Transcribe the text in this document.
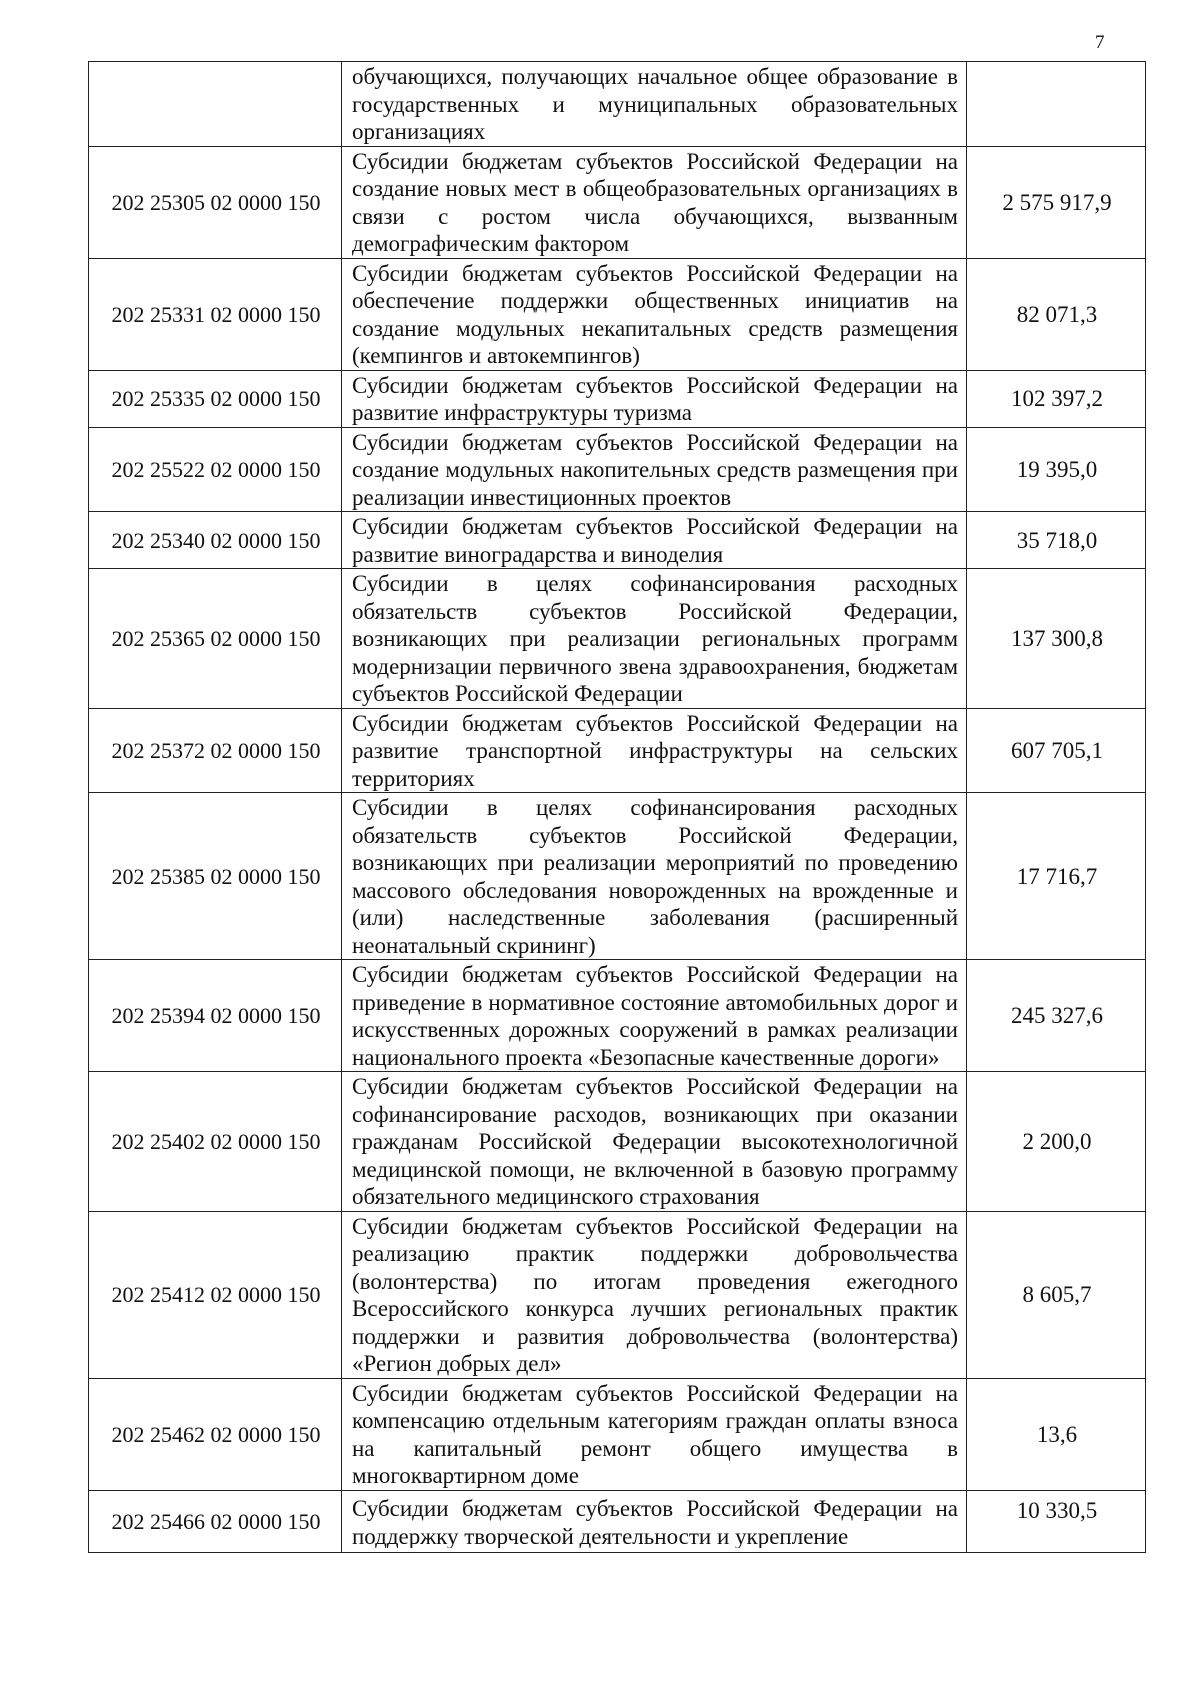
7
	обучающихся, получающих начальное общее образование в государственных и муниципальных образовательных организациях	
202 25305 02 0000 150	Субсидии бюджетам субъектов Российской Федерации на создание новых мест в общеобразовательных организациях в связи с ростом числа обучающихся, вызванным демографическим фактором	2 575 917,9
202 25331 02 0000 150	Субсидии бюджетам субъектов Российской Федерации на обеспечение поддержки общественных инициатив на создание модульных некапитальных средств размещения (кемпингов и автокемпингов)	82 071,3
202 25335 02 0000 150	Субсидии бюджетам субъектов Российской Федерации на развитие инфраструктуры туризма	102 397,2
202 25522 02 0000 150	Субсидии бюджетам субъектов Российской Федерации на создание модульных накопительных средств размещения при реализации инвестиционных проектов	19 395,0
202 25340 02 0000 150	Субсидии бюджетам субъектов Российской Федерации на развитие виноградарства и виноделия	35 718,0
202 25365 02 0000 150	Субсидии в целях софинансирования расходных обязательств субъектов Российской Федерации, возникающих при реализации региональных программ модернизации первичного звена здравоохранения, бюджетам субъектов Российской Федерации	137 300,8
202 25372 02 0000 150	Субсидии бюджетам субъектов Российской Федерации на развитие транспортной инфраструктуры на сельских территориях	607 705,1
202 25385 02 0000 150	Субсидии в целях софинансирования расходных обязательств субъектов Российской Федерации, возникающих при реализации мероприятий по проведению массового обследования новорожденных на врожденные и (или) наследственные заболевания (расширенный неонатальный скрининг)	17 716,7
202 25394 02 0000 150	Субсидии бюджетам субъектов Российской Федерации на приведение в нормативное состояние автомобильных дорог и искусственных дорожных сооружений в рамках реализации национального проекта «Безопасные качественные дороги»	245 327,6
202 25402 02 0000 150	Субсидии бюджетам субъектов Российской Федерации на софинансирование расходов, возникающих при оказании гражданам Российской Федерации высокотехнологичной медицинской помощи, не включенной в базовую программу обязательного медицинского страхования	2 200,0
202 25412 02 0000 150	Субсидии бюджетам субъектов Российской Федерации на реализацию практик поддержки добровольчества (волонтерства) по итогам проведения ежегодного Всероссийского конкурса лучших региональных практик поддержки и развития добровольчества (волонтерства) «Регион добрых дел»	8 605,7
202 25462 02 0000 150	Субсидии бюджетам субъектов Российской Федерации на компенсацию отдельным категориям граждан оплаты взноса на капитальный ремонт общего имущества в многоквартирном доме	13,6
202 25466 02 0000 150	Субсидии бюджетам субъектов Российской Федерации на поддержку творческой деятельности и укрепление	10 330,5
